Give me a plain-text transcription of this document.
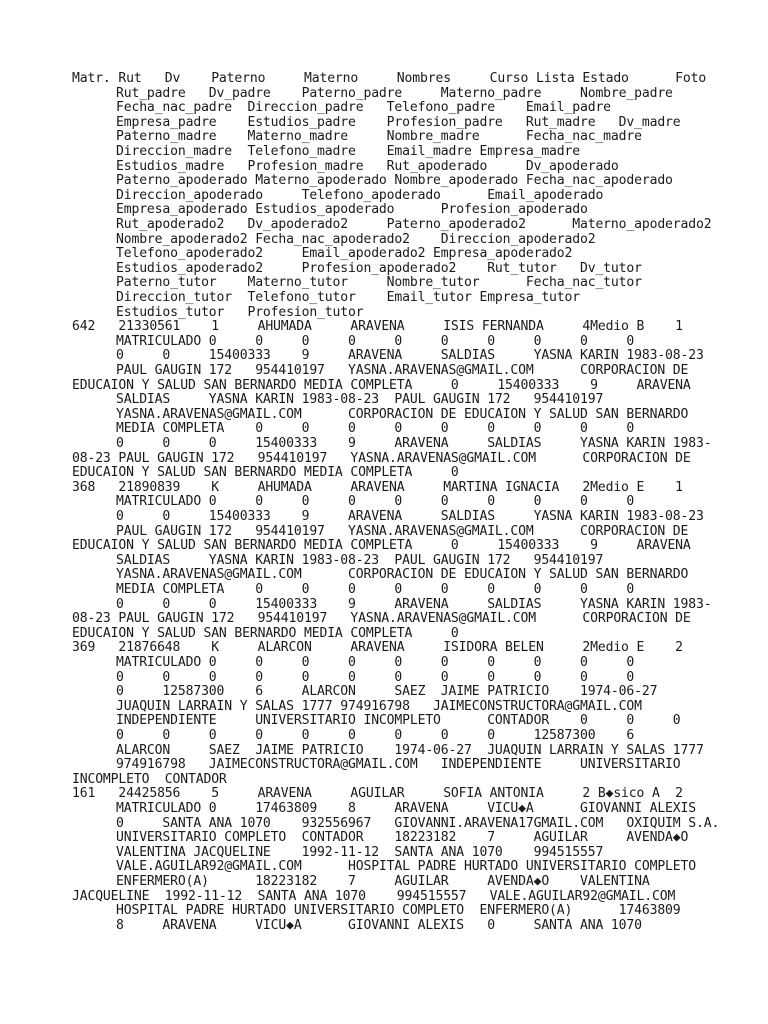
Matr. Rut   Dv    Paterno     Materno     Nombres     Curso Lista Estado      Foto
Rut_padre   Dv_padre    Paterno_padre     Materno_padre     Nombre_padre
Fecha_nac_padre  Direccion_padre   Telefono_padre    Email_padre
Empresa_padre    Estudios_padre    Profesion_padre   Rut_madre   Dv_madre
Paterno_madre    Materno_madre     Nombre_madre      Fecha_nac_madre
Direccion_madre  Telefono_madre    Email_madre Empresa_madre
Estudios_madre   Profesion_madre   Rut_apoderado     Dv_apoderado
Paterno_apoderado Materno_apoderado Nombre_apoderado Fecha_nac_apoderado
Direccion_apoderado     Telefono_apoderado      Email_apoderado
Empresa_apoderado Estudios_apoderado      Profesion_apoderado
Rut_apoderado2   Dv_apoderado2     Paterno_apoderado2      Materno_apoderado2
Nombre_apoderado2 Fecha_nac_apoderado2    Direccion_apoderado2
Telefono_apoderado2     Email_apoderado2 Empresa_apoderado2
Estudios_apoderado2     Profesion_apoderado2    Rut_tutor   Dv_tutor
Paterno_tutor    Materno_tutor     Nombre_tutor      Fecha_nac_tutor
Direccion_tutor  Telefono_tutor    Email_tutor Empresa_tutor
Estudios_tutor   Profesion_tutor
642   21330561    1     AHUMADA     ARAVENA     ISIS FERNANDA     4Medio B    1
MATRICULADO 0     0     0     0     0     0     0     0     0     0
0     0     15400333    9     ARAVENA     SALDIAS     YASNA KARIN 1983-08-23
PAUL GAUGIN 172   954410197   YASNA.ARAVENAS@GMAIL.COM      CORPORACION DE
EDUCAION Y SALUD SAN BERNARDO MEDIA COMPLETA     0     15400333    9     ARAVENA
SALDIAS     YASNA KARIN 1983-08-23  PAUL GAUGIN 172   954410197
YASNA.ARAVENAS@GMAIL.COM      CORPORACION DE EDUCAION Y SALUD SAN BERNARDO
MEDIA COMPLETA    0     0     0     0     0     0     0     0     0
0     0     0     15400333    9     ARAVENA     SALDIAS     YASNA KARIN 1983-
08-23 PAUL GAUGIN 172   954410197   YASNA.ARAVENAS@GMAIL.COM      CORPORACION DE
EDUCAION Y SALUD SAN BERNARDO MEDIA COMPLETA     0
368   21890839    K     AHUMADA     ARAVENA     MARTINA IGNACIA   2Medio E    1
MATRICULADO 0     0     0     0     0     0     0     0     0     0
0     0     15400333    9     ARAVENA     SALDIAS     YASNA KARIN 1983-08-23
PAUL GAUGIN 172   954410197   YASNA.ARAVENAS@GMAIL.COM      CORPORACION DE
EDUCAION Y SALUD SAN BERNARDO MEDIA COMPLETA     0     15400333    9     ARAVENA
SALDIAS     YASNA KARIN 1983-08-23  PAUL GAUGIN 172   954410197
YASNA.ARAVENAS@GMAIL.COM      CORPORACION DE EDUCAION Y SALUD SAN BERNARDO
MEDIA COMPLETA    0     0     0     0     0     0     0     0     0
0     0     0     15400333    9     ARAVENA     SALDIAS     YASNA KARIN 1983-
08-23 PAUL GAUGIN 172   954410197   YASNA.ARAVENAS@GMAIL.COM      CORPORACION DE
EDUCAION Y SALUD SAN BERNARDO MEDIA COMPLETA     0
369   21876648    K     ALARCON     ARAVENA     ISIDORA BELEN     2Medio E    2
MATRICULADO 0     0     0     0     0     0     0     0     0     0
0     0     0     0     0     0     0     0     0     0     0     0
0     12587300    6     ALARCON     SAEZ  JAIME PATRICIO    1974-06-27
JUAQUIN LARRAIN Y SALAS 1777 974916798   JAIMECONSTRUCTORA@GMAIL.COM
INDEPENDIENTE     UNIVERSITARIO INCOMPLETO      CONTADOR    0     0     0
0     0     0     0     0     0     0     0     0     12587300    6
ALARCON     SAEZ  JAIME PATRICIO    1974-06-27  JUAQUIN LARRAIN Y SALAS 1777
974916798   JAIMECONSTRUCTORA@GMAIL.COM   INDEPENDIENTE     UNIVERSITARIO
INCOMPLETO  CONTADOR
161   24425856    5     ARAVENA     AGUILAR     SOFIA ANTONIA     2 B◆sico A  2
MATRICULADO 0     17463809    8     ARAVENA     VICU◆A      GIOVANNI ALEXIS
0     SANTA ANA 1070    932556967   GIOVANNI.ARAVENA17GMAIL.COM   OXIQUIM S.A.
UNIVERSITARIO COMPLETO  CONTADOR    18223182    7     AGUILAR     AVENDA◆O
VALENTINA JACQUELINE    1992-11-12  SANTA ANA 1070    994515557
VALE.AGUILAR92@GMAIL.COM      HOSPITAL PADRE HURTADO UNIVERSITARIO COMPLETO
ENFERMERO(A)      18223182    7     AGUILAR     AVENDA◆O    VALENTINA
JACQUELINE  1992-11-12  SANTA ANA 1070    994515557   VALE.AGUILAR92@GMAIL.COM
HOSPITAL PADRE HURTADO UNIVERSITARIO COMPLETO  ENFERMERO(A)      17463809
8     ARAVENA     VICU◆A      GIOVANNI ALEXIS   0     SANTA ANA 1070
